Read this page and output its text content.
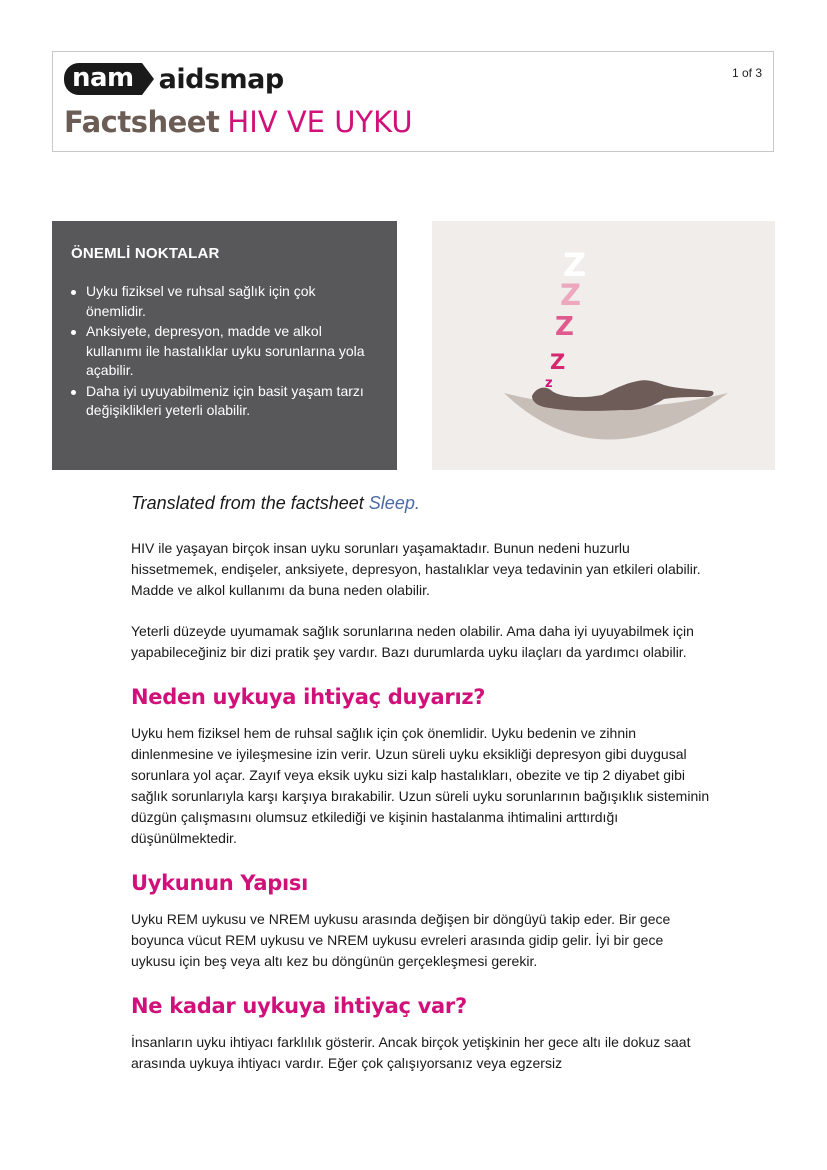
nam aidsmap	1 of 3
Factsheet HIV VE UYKU
ÖNEMLİ NOKTALAR
Uyku fiziksel ve ruhsal sağlık için çok önemlidir.
Anksiyete, depresyon, madde ve alkol kullanımı ile hastalıklar uyku sorunlarına yola açabilir.
Daha iyi uyuyabilmeniz için basit yaşam tarzı değişiklikleri yeterli olabilir.
z
Z
Z
Z
Z

Translated from the factsheet Sleep.

HIV ile yaşayan birçok insan uyku sorunları yaşamaktadır. Bunun nedeni huzurlu hissetmemek, endişeler, anksiyete, depresyon, hastalıklar veya tedavinin yan etkileri olabilir. Madde ve alkol kullanımı da buna neden olabilir.

Yeterli düzeyde uyumamak sağlık sorunlarına neden olabilir. Ama daha iyi uyuyabilmek için yapabileceğiniz bir dizi pratik şey vardır. Bazı durumlarda uyku ilaçları da yardımcı olabilir.

Neden uykuya ihtiyaç duyarız?

Uyku hem fiziksel hem de ruhsal sağlık için çok önemlidir. Uyku bedenin ve zihnin dinlenmesine ve iyileşmesine izin verir. Uzun süreli uyku eksikliği depresyon gibi duygusal sorunlara yol açar. Zayıf veya eksik uyku sizi kalp hastalıkları, obezite ve tip 2 diyabet gibi sağlık sorunlarıyla karşı karşıya bırakabilir. Uzun süreli uyku sorunlarının bağışıklık sisteminin düzgün çalışmasını olumsuz etkilediği ve kişinin hastalanma ihtimalini arttırdığı düşünülmektedir.

Uykunun Yapısı

Uyku REM uykusu ve NREM uykusu arasında değişen bir döngüyü takip eder. Bir gece boyunca vücut REM uykusu ve NREM uykusu evreleri arasında gidip gelir. İyi bir gece uykusu için beş veya altı kez bu döngünün gerçekleşmesi gerekir.

Ne kadar uykuya ihtiyaç var?

İnsanların uyku ihtiyacı farklılık gösterir. Ancak birçok yetişkinin her gece altı ile dokuz saat arasında uykuya ihtiyacı vardır. Eğer çok çalışıyorsanız veya egzersiz
